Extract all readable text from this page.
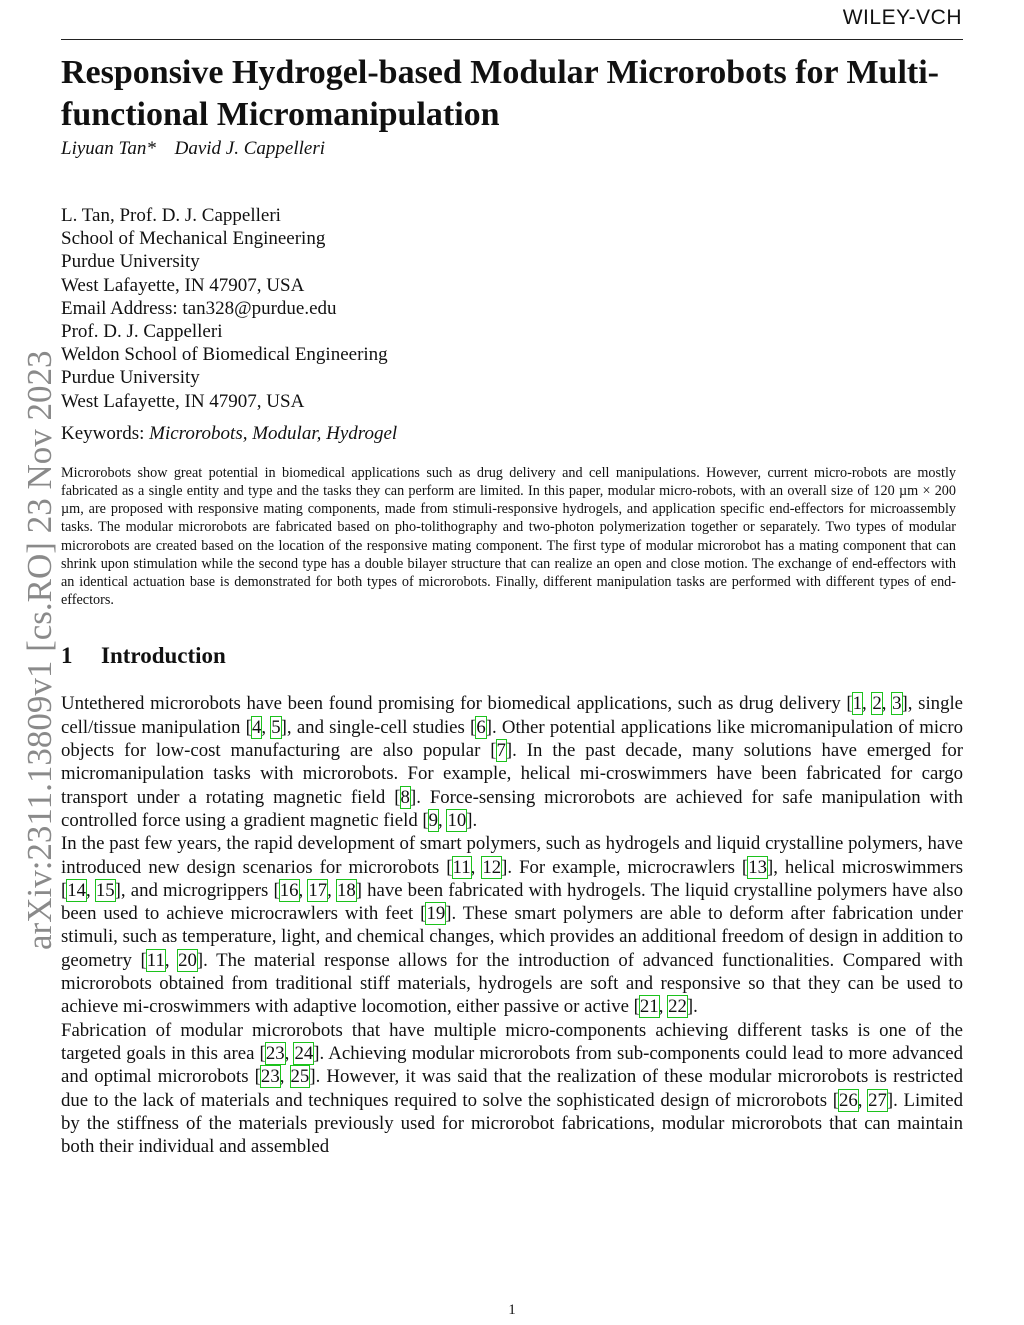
WILEY-VCH
arXiv:2311.13809v1 [cs.RO] 23 Nov 2023
Responsive Hydrogel-based Modular Microrobots for Multi-functional Micromanipulation
Liyuan Tan* David J. Cappelleri
L. Tan, Prof. D. J. Cappelleri
School of Mechanical Engineering
Purdue University
West Lafayette, IN 47907, USA
Email Address: tan328@purdue.edu
Prof. D. J. Cappelleri
Weldon School of Biomedical Engineering
Purdue University
West Lafayette, IN 47907, USA
Keywords: Microrobots, Modular, Hydrogel
Microrobots show great potential in biomedical applications such as drug delivery and cell manipulations. However, current micro-robots are mostly fabricated as a single entity and type and the tasks they can perform are limited. In this paper, modular micro-robots, with an overall size of 120 µm × 200 µm, are proposed with responsive mating components, made from stimuli-responsive hydrogels, and application specific end-effectors for microassembly tasks. The modular microrobots are fabricated based on pho-tolithography and two-photon polymerization together or separately. Two types of modular microrobots are created based on the location of the responsive mating component. The first type of modular microrobot has a mating component that can shrink upon stimulation while the second type has a double bilayer structure that can realize an open and close motion. The exchange of end-effectors with an identical actuation base is demonstrated for both types of microrobots. Finally, different manipulation tasks are performed with different types of end-effectors.
1 Introduction

Untethered microrobots have been found promising for biomedical applications, such as drug delivery [1, 2, 3], single cell/tissue manipulation [4, 5], and single-cell studies [6]. Other potential applications like micromanipulation of micro objects for low-cost manufacturing are also popular [7]. In the past decade, many solutions have emerged for micromanipulation tasks with microrobots. For example, helical mi-croswimmers have been fabricated for cargo transport under a rotating magnetic field [8]. Force-sensing microrobots are achieved for safe manipulation with controlled force using a gradient magnetic field [9, 10].

In the past few years, the rapid development of smart polymers, such as hydrogels and liquid crystalline polymers, have introduced new design scenarios for microrobots [11, 12]. For example, microcrawlers [13], helical microswimmers [14, 15], and microgrippers [16, 17, 18] have been fabricated with hydrogels. The liquid crystalline polymers have also been used to achieve microcrawlers with feet [19]. These smart polymers are able to deform after fabrication under stimuli, such as temperature, light, and chemical changes, which provides an additional freedom of design in addition to geometry [11, 20]. The material response allows for the introduction of advanced functionalities. Compared with microrobots obtained from traditional stiff materials, hydrogels are soft and responsive so that they can be used to achieve mi-croswimmers with adaptive locomotion, either passive or active [21, 22].

Fabrication of modular microrobots that have multiple micro-components achieving different tasks is one of the targeted goals in this area [23, 24]. Achieving modular microrobots from sub-components could lead to more advanced and optimal microrobots [23, 25]. However, it was said that the realization of these modular microrobots is restricted due to the lack of materials and techniques required to solve the sophisticated design of microrobots [26, 27]. Limited by the stiffness of the materials previously used for microrobot fabrications, modular microrobots that can maintain both their individual and assembled

1
